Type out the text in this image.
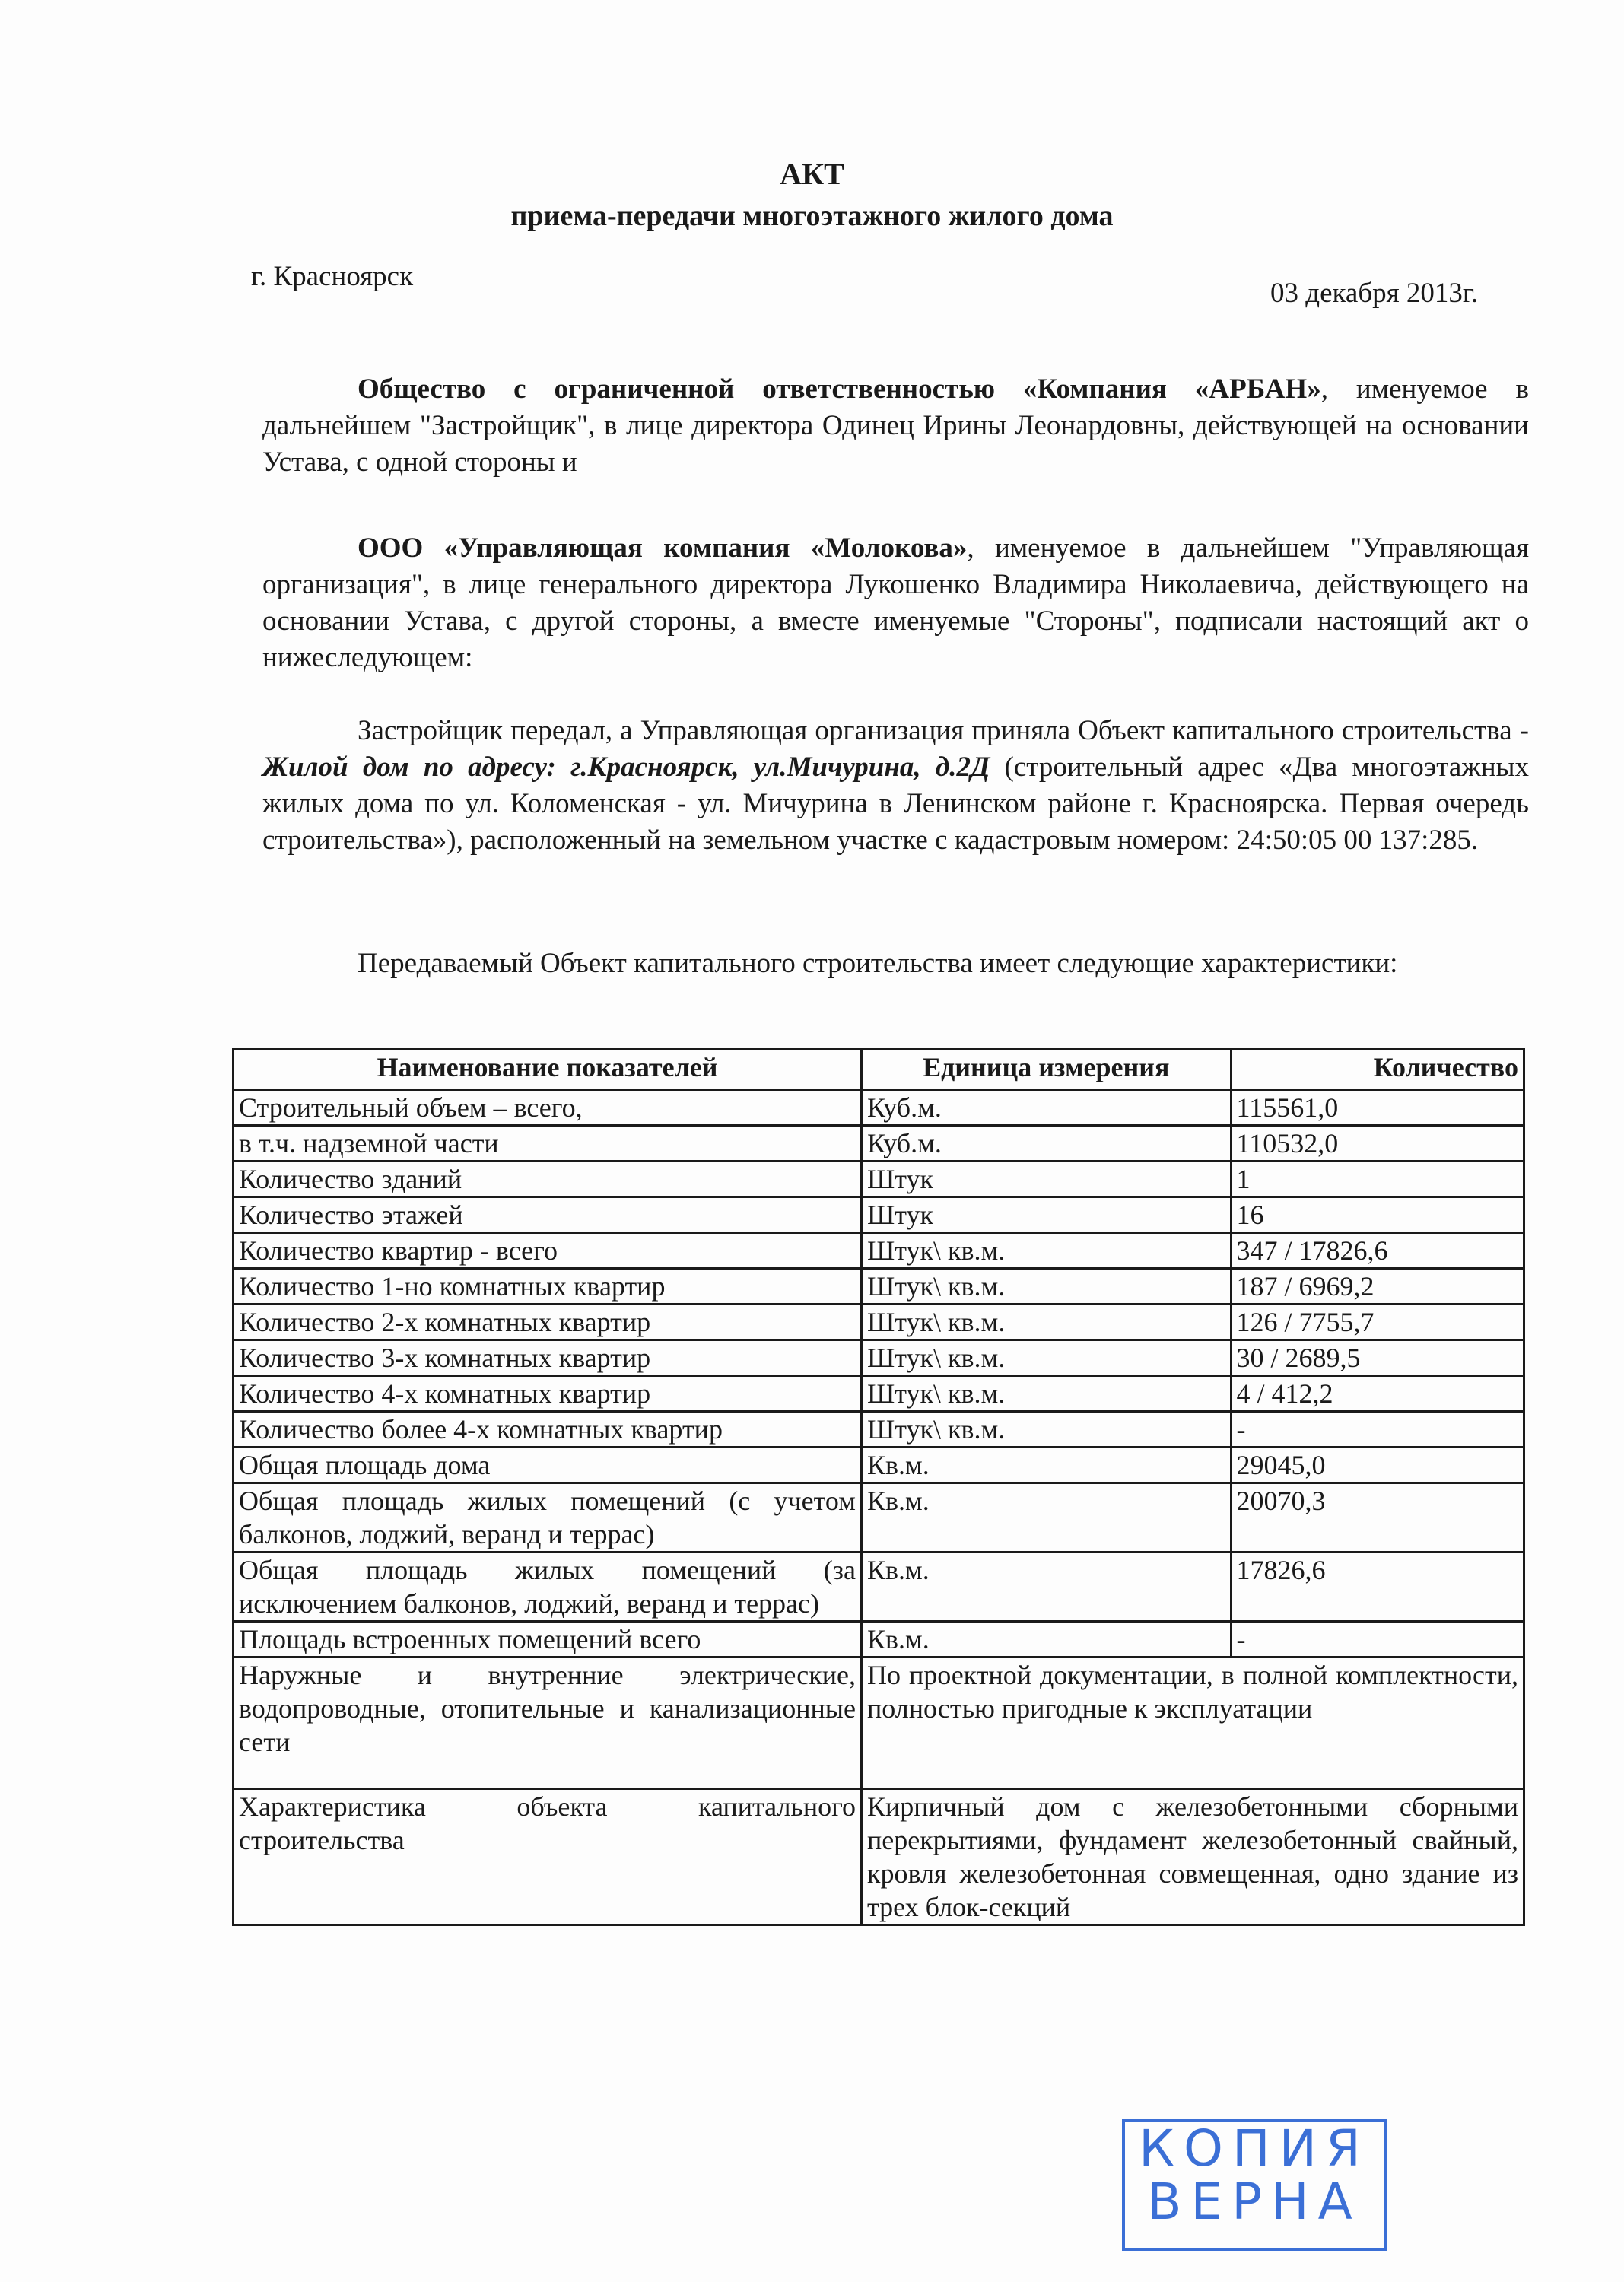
АКТ
приема-передачи многоэтажного жилого дома
г. Красноярск
03 декабря 2013г.
Общество с ограниченной ответственностью «Компания «АРБАН», именуемое в дальнейшем "Застройщик", в лице директора Одинец Ирины Леонардовны, действующей на основании Устава, с одной стороны и
ООО «Управляющая компания «Молокова», именуемое в дальнейшем "Управляющая организация", в лице генерального директора Лукошенко Владимира Николаевича, действующего на основании Устава, с другой стороны, а вместе именуемые "Стороны", подписали настоящий акт о нижеследующем:
Застройщик передал, а Управляющая организация приняла Объект капитального строительства - Жилой дом по адресу: г.Красноярск, ул.Мичурина, д.2Д (строительный адрес «Два многоэтажных жилых дома по ул. Коломенская - ул. Мичурина в Ленинском районе г. Красноярска. Первая очередь строительства»), расположенный на земельном участке с кадастровым номером: 24:50:05 00 137:285.
Передаваемый Объект капитального строительства имеет следующие характеристики:
Наименование показателей	Единица измерения	Количество
Строительный объем – всего,	Куб.м.	115561,0
в т.ч. надземной части	Куб.м.	110532,0
Количество зданий	Штук	1
Количество этажей	Штук	16
Количество квартир - всего	Штук\ кв.м.	347 / 17826,6
Количество 1-но комнатных квартир	Штук\ кв.м.	187 / 6969,2
Количество 2-х комнатных квартир	Штук\ кв.м.	126 / 7755,7
Количество 3-х комнатных квартир	Штук\ кв.м.	30 / 2689,5
Количество 4-х комнатных квартир	Штук\ кв.м.	4 / 412,2
Количество более 4-х комнатных квартир	Штук\ кв.м.	-
Общая площадь дома	Кв.м.	29045,0
Общая площадь жилых помещений (с учетом балконов, лоджий, веранд и террас)	Кв.м.	20070,3
Общая площадь жилых помещений (за исключением балконов, лоджий, веранд и террас)	Кв.м.	17826,6
Площадь встроенных помещений всего	Кв.м.	-
Наружные и внутренние электрические, водопроводные, отопительные и канализационные сети	По проектной документации, в полной комплектности, полностью пригодные к эксплуатации	
Характеристика объекта капитального строительства	Кирпичный дом с железобетонными сборными перекрытиями, фундамент железобетонный свайный, кровля железобетонная совмещенная, одно здание из трех блок-секций	
КОПИЯ
ВЕРНА
